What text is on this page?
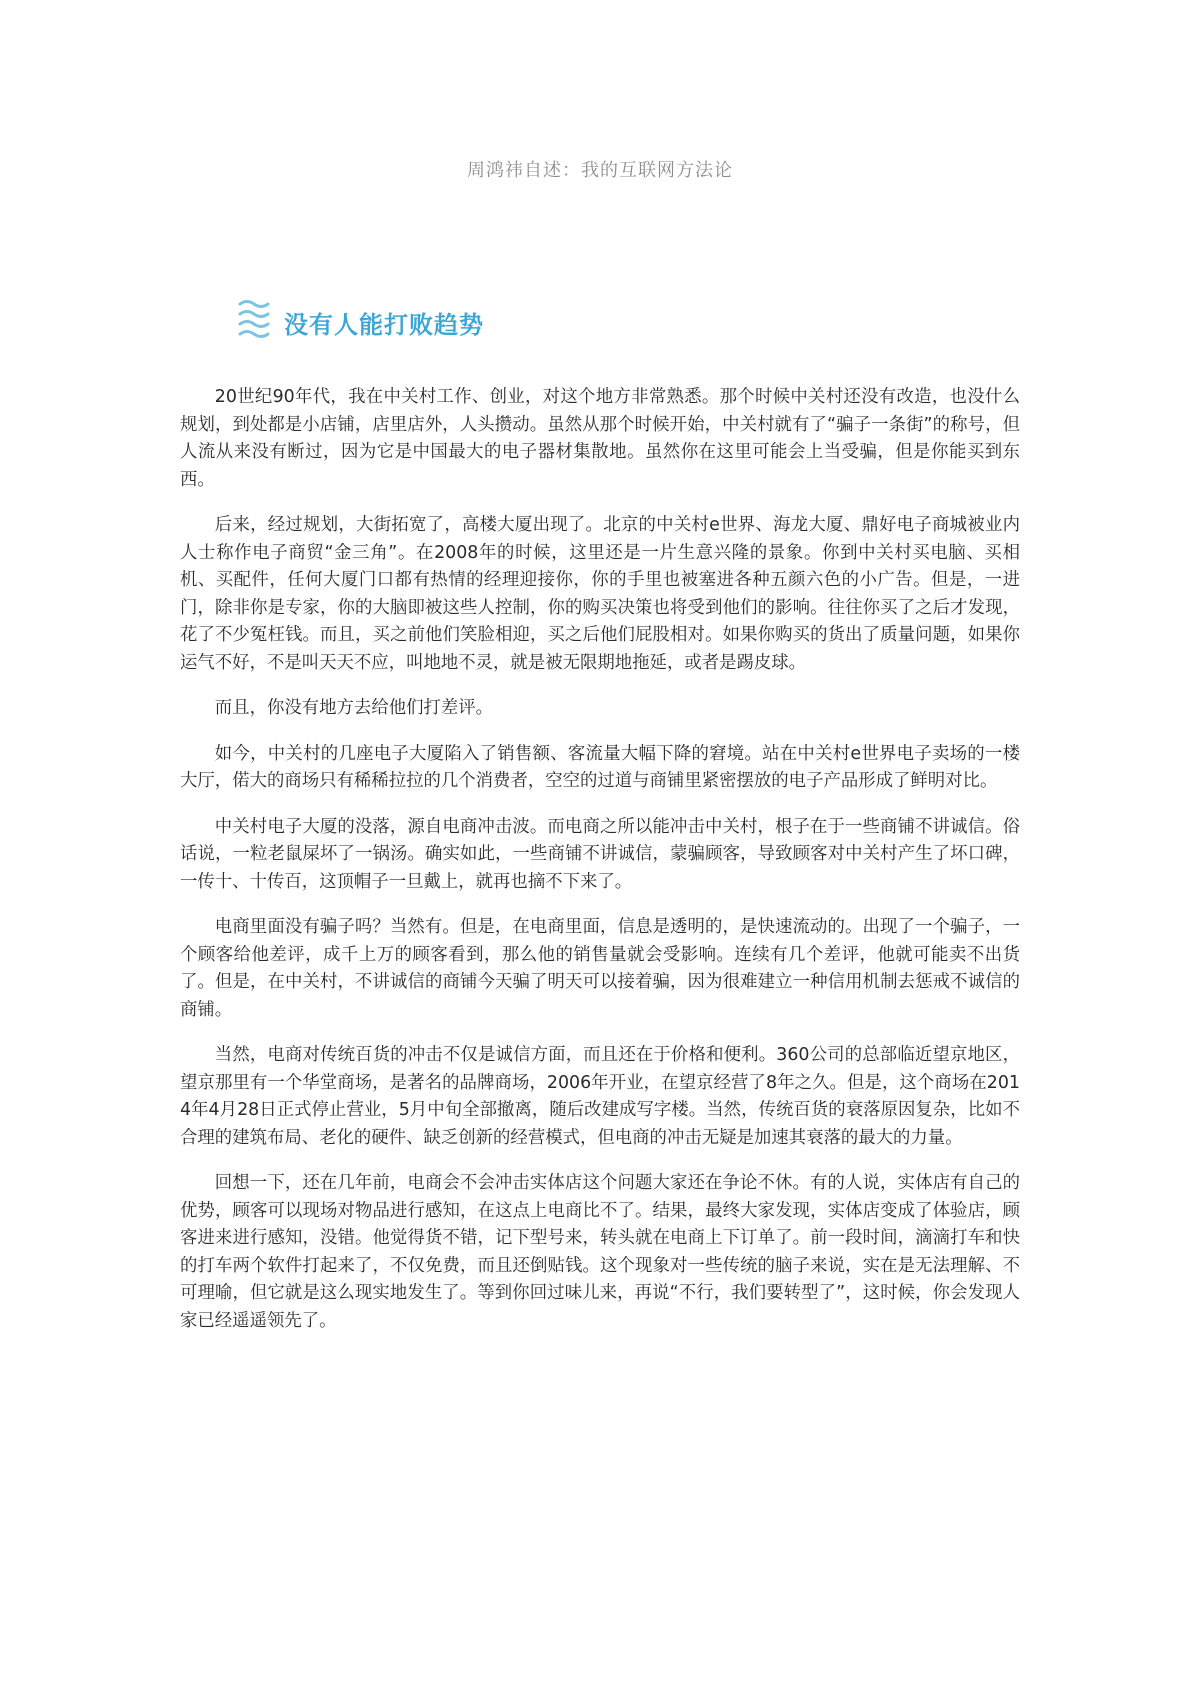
周鸿祎自述：我的互联网方法论
没有人能打败趋势

20世纪90年代，我在中关村工作、创业，对这个地方非常熟悉。那个时候中关村还没有改造，也没什么规划，到处都是小店铺，店里店外，人头攒动。虽然从那个时候开始，中关村就有了“骗子一条街”的称号，但人流从来没有断过，因为它是中国最大的电子器材集散地。虽然你在这里可能会上当受骗，但是你能买到东西。

后来，经过规划，大街拓宽了，高楼大厦出现了。北京的中关村e世界、海龙大厦、鼎好电子商城被业内人士称作电子商贸“金三角”。在2008年的时候，这里还是一片生意兴隆的景象。你到中关村买电脑、买相机、买配件，任何大厦门口都有热情的经理迎接你，你的手里也被塞进各种五颜六色的小广告。但是，一进门，除非你是专家，你的大脑即被这些人控制，你的购买决策也将受到他们的影响。往往你买了之后才发现，花了不少冤枉钱。而且，买之前他们笑脸相迎，买之后他们屁股相对。如果你购买的货出了质量问题，如果你运气不好，不是叫天天不应，叫地地不灵，就是被无限期地拖延，或者是踢皮球。

而且，你没有地方去给他们打差评。

如今，中关村的几座电子大厦陷入了销售额、客流量大幅下降的窘境。站在中关村e世界电子卖场的一楼大厅，偌大的商场只有稀稀拉拉的几个消费者，空空的过道与商铺里紧密摆放的电子产品形成了鲜明对比。

中关村电子大厦的没落，源自电商冲击波。而电商之所以能冲击中关村，根子在于一些商铺不讲诚信。俗话说，一粒老鼠屎坏了一锅汤。确实如此，一些商铺不讲诚信，蒙骗顾客，导致顾客对中关村产生了坏口碑，一传十、十传百，这顶帽子一旦戴上，就再也摘不下来了。

电商里面没有骗子吗？当然有。但是，在电商里面，信息是透明的，是快速流动的。出现了一个骗子，一个顾客给他差评，成千上万的顾客看到，那么他的销售量就会受影响。连续有几个差评，他就可能卖不出货了。但是，在中关村，不讲诚信的商铺今天骗了明天可以接着骗，因为很难建立一种信用机制去惩戒不诚信的商铺。

当然，电商对传统百货的冲击不仅是诚信方面，而且还在于价格和便利。360公司的总部临近望京地区，望京那里有一个华堂商场，是著名的品牌商场，2006年开业，在望京经营了8年之久。但是，这个商场在2014年4月28日正式停止营业，5月中旬全部撤离，随后改建成写字楼。当然，传统百货的衰落原因复杂，比如不合理的建筑布局、老化的硬件、缺乏创新的经营模式，但电商的冲击无疑是加速其衰落的最大的力量。

回想一下，还在几年前，电商会不会冲击实体店这个问题大家还在争论不休。有的人说，实体店有自己的优势，顾客可以现场对物品进行感知，在这点上电商比不了。结果，最终大家发现，实体店变成了体验店，顾客进来进行感知，没错。他觉得货不错，记下型号来，转头就在电商上下订单了。前一段时间，滴滴打车和快的打车两个软件打起来了，不仅免费，而且还倒贴钱。这个现象对一些传统的脑子来说，实在是无法理解、不可理喻，但它就是这么现实地发生了。等到你回过味儿来，再说“不行，我们要转型了”，这时候，你会发现人家已经遥遥领先了。
